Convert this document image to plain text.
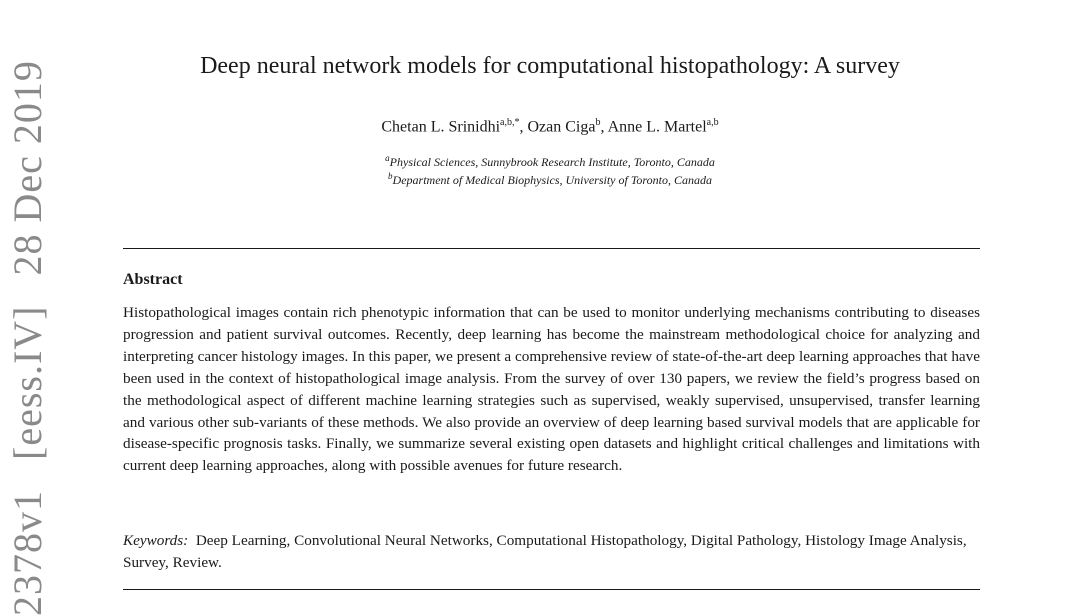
2378v1[eess.IV]28 Dec 2019	Deep neural network models for computational histopathology: A survey
Chetan L. Srinidhi$^{a,b,*}$, Ozan Ciga$^b$, Anne L. Martel$^{a,b}$
$^a$Physical Sciences, Sunnybrook Research Institute, Toronto, Canada
$^b$Department of Medical Biophysics, University of Toronto, Canada
Abstract

Histopathological images contain rich phenotypic information that can be used to monitor underlying mechanisms contributing to diseases progression and patient survival outcomes. Recently, deep learning has become the mainstream methodological choice for analyzing and interpreting cancer histology images. In this paper, we present a comprehensive review of state-of-the-art deep learning approaches that have been used in the context of histopathological image analysis. From the survey of over 130 papers, we review the field’s progress based on the methodological aspect of different machine learning strategies such as supervised, weakly supervised, unsupervised, transfer learning and various other sub-variants of these methods. We also provide an overview of deep learning based survival models that are applicable for disease-specific prognosis tasks. Finally, we summarize several existing open datasets and highlight critical challenges and limitations with current deep learning approaches, along with possible avenues for future research.

Keywords: Deep Learning, Convolutional Neural Networks, Computational Histopathology, Digital Pathology, Histology Image Analysis, Survey, Review.
